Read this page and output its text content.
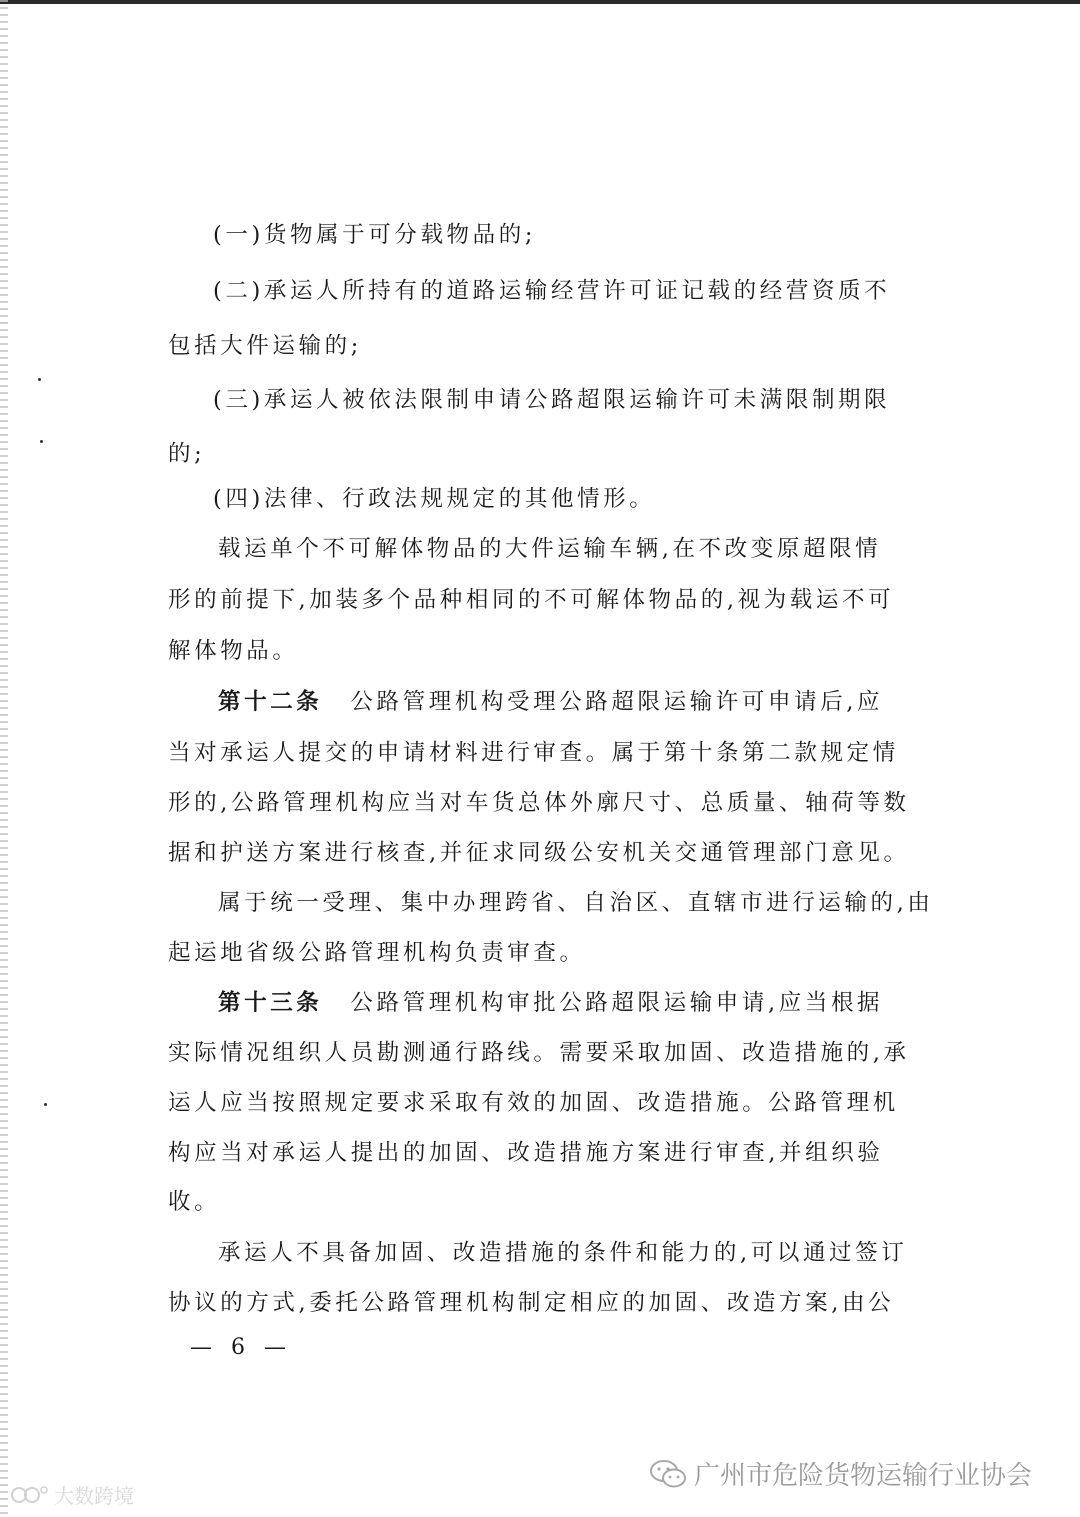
(一)货物属于可分载物品的;
(二)承运人所持有的道路运输经营许可证记载的经营资质不
包括大件运输的;
(三)承运人被依法限制申请公路超限运输许可未满限制期限
的;
(四)法律、行政法规规定的其他情形。
载运单个不可解体物品的大件运输车辆,在不改变原超限情
形的前提下,加装多个品种相同的不可解体物品的,视为载运不可
解体物品。
第十二条 公路管理机构受理公路超限运输许可申请后,应
当对承运人提交的申请材料进行审查。属于第十条第二款规定情
形的,公路管理机构应当对车货总体外廓尺寸、总质量、轴荷等数
据和护送方案进行核查,并征求同级公安机关交通管理部门意见。
属于统一受理、集中办理跨省、自治区、直辖市进行运输的,由
起运地省级公路管理机构负责审查。
第十三条 公路管理机构审批公路超限运输申请,应当根据
实际情况组织人员勘测通行路线。需要采取加固、改造措施的,承
运人应当按照规定要求采取有效的加固、改造措施。公路管理机
构应当对承运人提出的加固、改造措施方案进行审查,并组织验
收。
承运人不具备加固、改造措施的条件和能力的,可以通过签订
协议的方式,委托公路管理机构制定相应的加固、改造方案,由公
— 6 —
广州市危险货物运输行业协会
大数跨境
